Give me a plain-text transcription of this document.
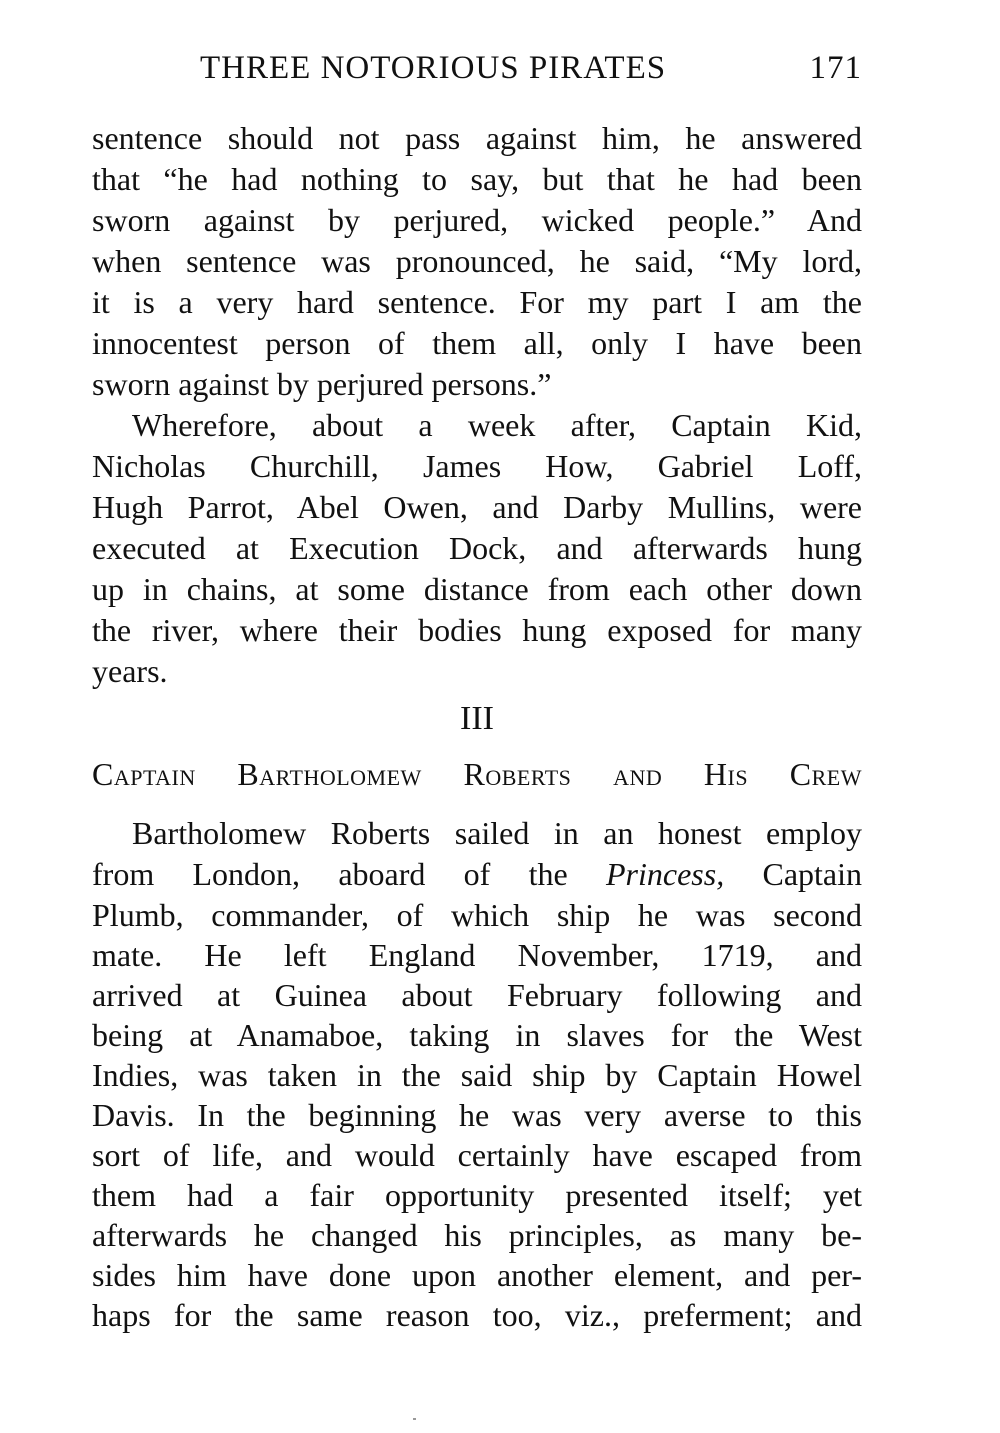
THREE NOTORIOUS PIRATES	171
sentence should not pass against him, he answered
that “he had nothing to say, but that he had been
sworn against by perjured, wicked people.” And
when sentence was pronounced, he said, “My lord,
it is a very hard sentence. For my part I am the
innocentest person of them all, only I have been
sworn against by perjured persons.”
Wherefore, about a week after, Captain Kid,
Nicholas Churchill, James How, Gabriel Loff,
Hugh Parrot, Abel Owen, and Darby Mullins, were
executed at Execution Dock, and afterwards hung
up in chains, at some distance from each other down
the river, where their bodies hung exposed for many
years.
III
Captain Bartholomew Roberts and His Crew
Bartholomew Roberts sailed in an honest employ
from London, aboard of the Princess, Captain
Plumb, commander, of which ship he was second
mate. He left England November, 1719, and
arrived at Guinea about February following and
being at Anamaboe, taking in slaves for the West
Indies, was taken in the said ship by Captain Howel
Davis. In the beginning he was very averse to this
sort of life, and would certainly have escaped from
them had a fair opportunity presented itself; yet
afterwards he changed his principles, as many be-
sides him have done upon another element, and per-
haps for the same reason too, viz., preferment; and
